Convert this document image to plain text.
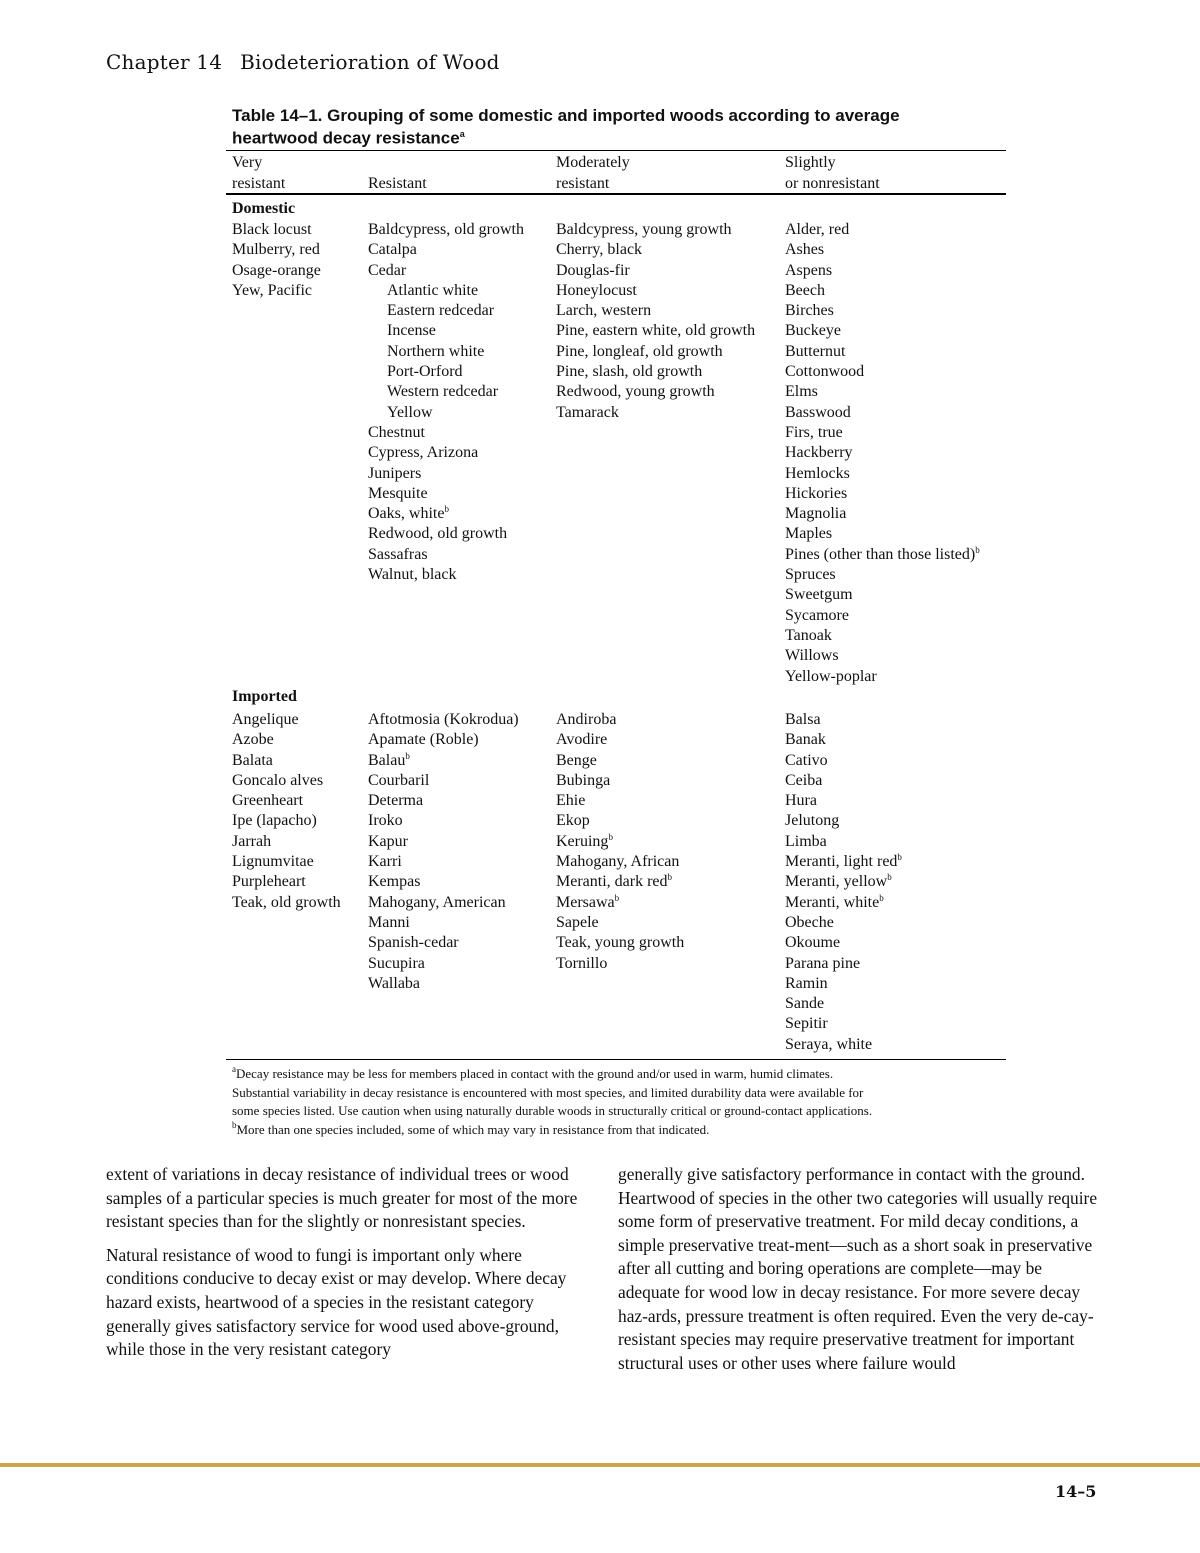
Chapter 14 Biodeterioration of Wood
Table 14–1. Grouping of some domestic and imported woods according to average
heartwood decay resistance$^a$
Very
resistant
	Resistant
Moderately
resistant
Slightly
or nonresistant
Domestic
Black locust
Mulberry, red
Osage-orange
Yew, Pacific
Baldcypress, old growth
Catalpa
Cedar
Atlantic white
Eastern redcedar
Incense
Northern white
Port-Orford
Western redcedar
Yellow
Chestnut
Cypress, Arizona
Junipers
Mesquite
Oaks, white$^b$
Redwood, old growth
Sassafras
Walnut, black
Baldcypress, young growth
Cherry, black
Douglas-fir
Honeylocust
Larch, western
Pine, eastern white, old growth
Pine, longleaf, old growth
Pine, slash, old growth
Redwood, young growth
Tamarack
Alder, red
Ashes
Aspens
Beech
Birches
Buckeye
Butternut
Cottonwood
Elms
Basswood
Firs, true
Hackberry
Hemlocks
Hickories
Magnolia
Maples
Pines (other than those listed)$^b$
Spruces
Sweetgum
Sycamore
Tanoak
Willows
Yellow-poplar
Imported
Angelique
Azobe
Balata
Goncalo alves
Greenheart
Ipe (lapacho)
Jarrah
Lignumvitae
Purpleheart
Teak, old growth
Aftotmosia (Kokrodua)
Apamate (Roble)
Balau$^b$
Courbaril
Determa
Iroko
Kapur
Karri
Kempas
Mahogany, American
Manni
Spanish-cedar
Sucupira
Wallaba
Andiroba
Avodire
Benge
Bubinga
Ehie
Ekop
Keruing$^b$
Mahogany, African
Meranti, dark red$^b$
Mersawa$^b$
Sapele
Teak, young growth
Tornillo
Balsa
Banak
Cativo
Ceiba
Hura
Jelutong
Limba
Meranti, light red$^b$
Meranti, yellow$^b$
Meranti, white$^b$
Obeche
Okoume
Parana pine
Ramin
Sande
Sepitir
Seraya, white
$^a$Decay resistance may be less for members placed in contact with the ground and/or used in warm, humid climates.
Substantial variability in decay resistance is encountered with most species, and limited durability data were available for
some species listed. Use caution when using naturally durable woods in structurally critical or ground-contact applications.
$^b$More than one species included, some of which may vary in resistance from that indicated.

extent of variations in decay resistance of individual trees or wood samples of a particular species is much greater for most of the more resistant species than for the slightly or nonresistant species.

Natural resistance of wood to fungi is important only where conditions conducive to decay exist or may develop. Where decay hazard exists, heartwood of a species in the resistant category generally gives satisfactory service for wood used above-ground, while those in the very resistant category

generally give satisfactory performance in contact with the ground. Heartwood of species in the other two categories will usually require some form of preservative treatment. For mild decay conditions, a simple preservative treat-ment—such as a short soak in preservative after all cutting and boring operations are complete—may be adequate for wood low in decay resistance. For more severe decay haz-ards, pressure treatment is often required. Even the very de-cay-resistant species may require preservative treatment for important structural uses or other uses where failure would

14–5
